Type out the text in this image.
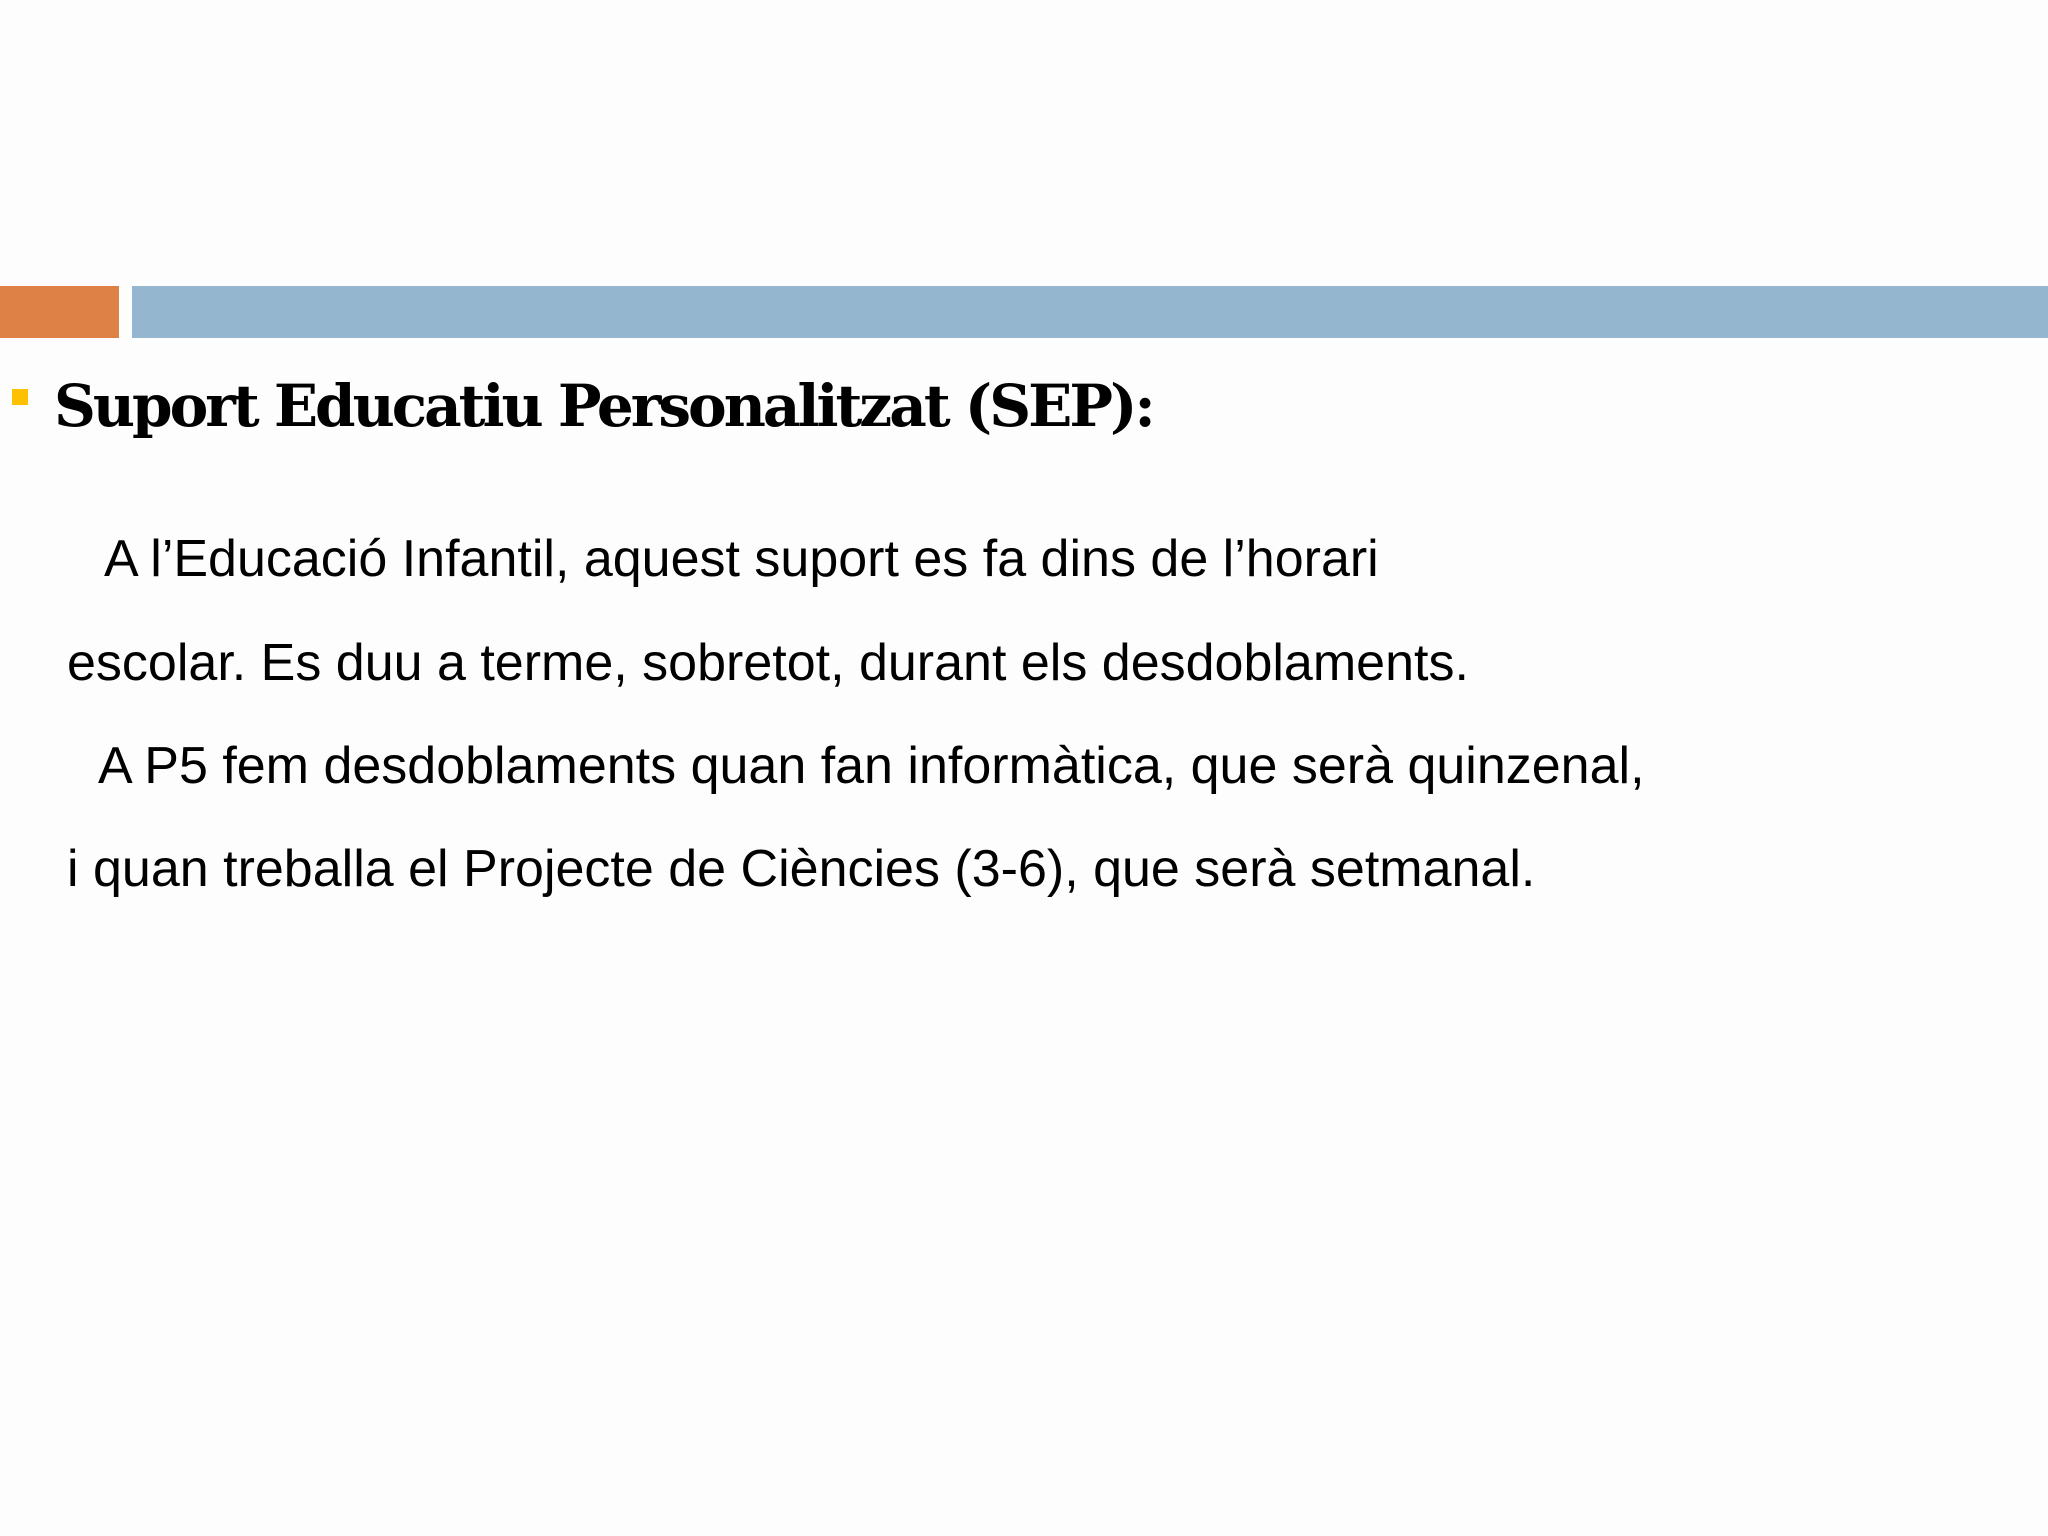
Suport Educatiu Personalitzat (SEP):

A l’Educació Infantil, aquest suport es fa dins de l’horari

escolar. Es duu a terme, sobretot, durant els desdoblaments.

A P5 fem desdoblaments quan fan informàtica, que serà quinzenal,

i quan treballa el Projecte de Ciències (3-6), que serà setmanal.
